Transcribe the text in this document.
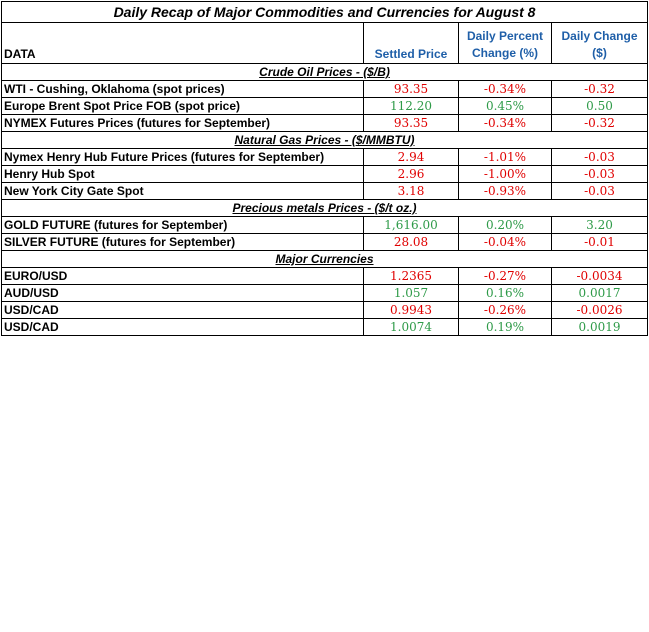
Daily Recap of Major Commodities and Currencies for August 8			
DATA	Settled Price	Daily Percent Change (%)	Daily Change ($)
Crude Oil Prices - ($/B)			
WTI - Cushing, Oklahoma (spot prices)	93.35	-0.34%	-0.32
Europe Brent Spot Price FOB (spot price)	112.20	0.45%	0.50
NYMEX Futures Prices (futures for September)	93.35	-0.34%	-0.32
Natural Gas Prices - ($/MMBTU)			
Nymex Henry Hub Future Prices (futures for September)	2.94	-1.01%	-0.03
Henry Hub Spot	2.96	-1.00%	-0.03
New York City Gate Spot	3.18	-0.93%	-0.03
Precious metals Prices - ($/t oz.)			
GOLD FUTURE (futures for September)	1,616.00	0.20%	3.20
SILVER FUTURE (futures for September)	28.08	-0.04%	-0.01
Major Currencies			
EURO/USD	1.2365	-0.27%	-0.0034
AUD/USD	1.057	0.16%	0.0017
USD/CAD	0.9943	-0.26%	-0.0026
USD/CAD	1.0074	0.19%	0.0019
